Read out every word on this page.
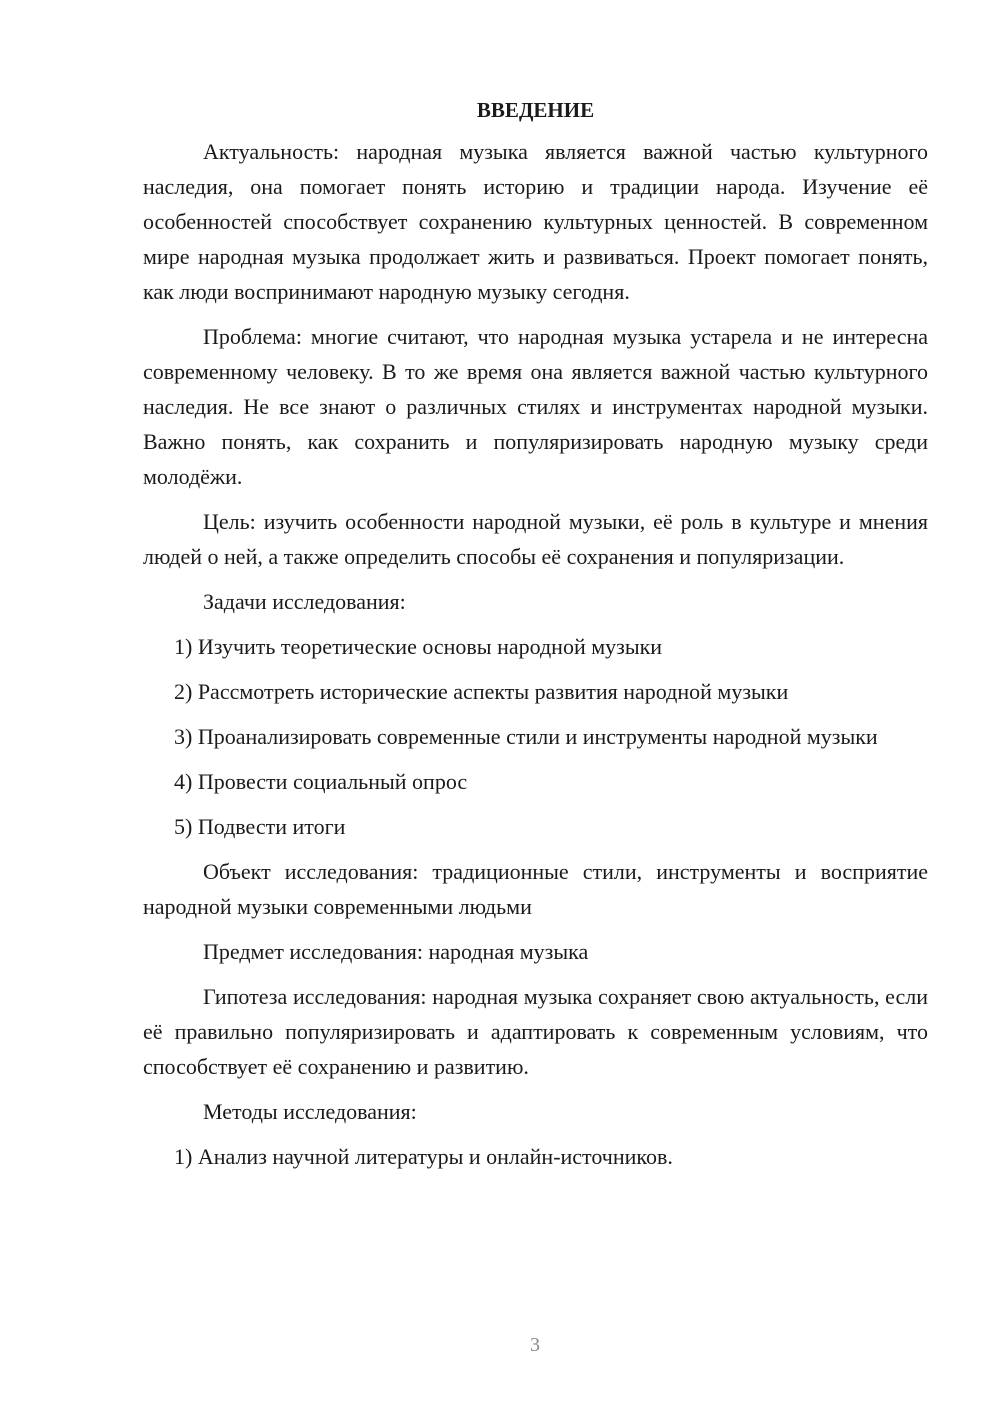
ВВЕДЕНИЕ

Актуальность: народная музыка является важной частью культурного наследия, она помогает понять историю и традиции народа. Изучение её особенностей способствует сохранению культурных ценностей. В современном мире народная музыка продолжает жить и развиваться. Проект помогает понять, как люди воспринимают народную музыку сегодня.

Проблема: многие считают, что народная музыка устарела и не интересна современному человеку. В то же время она является важной частью культурного наследия. Не все знают о различных стилях и инструментах народной музыки. Важно понять, как сохранить и популяризировать народную музыку среди молодёжи.

Цель: изучить особенности народной музыки, её роль в культуре и мнения людей о ней, а также определить способы её сохранения и популяризации.

Задачи исследования:

1) Изучить теоретические основы народной музыки

2) Рассмотреть исторические аспекты развития народной музыки

3) Проанализировать современные стили и инструменты народной музыки

4) Провести социальный опрос

5) Подвести итоги

Объект исследования: традиционные стили, инструменты и восприятие народной музыки современными людьми

Предмет исследования: народная музыка

Гипотеза исследования: народная музыка сохраняет свою актуальность, если её правильно популяризировать и адаптировать к современным условиям, что способствует её сохранению и развитию.

Методы исследования:

1) Анализ научной литературы и онлайн-источников.

3
